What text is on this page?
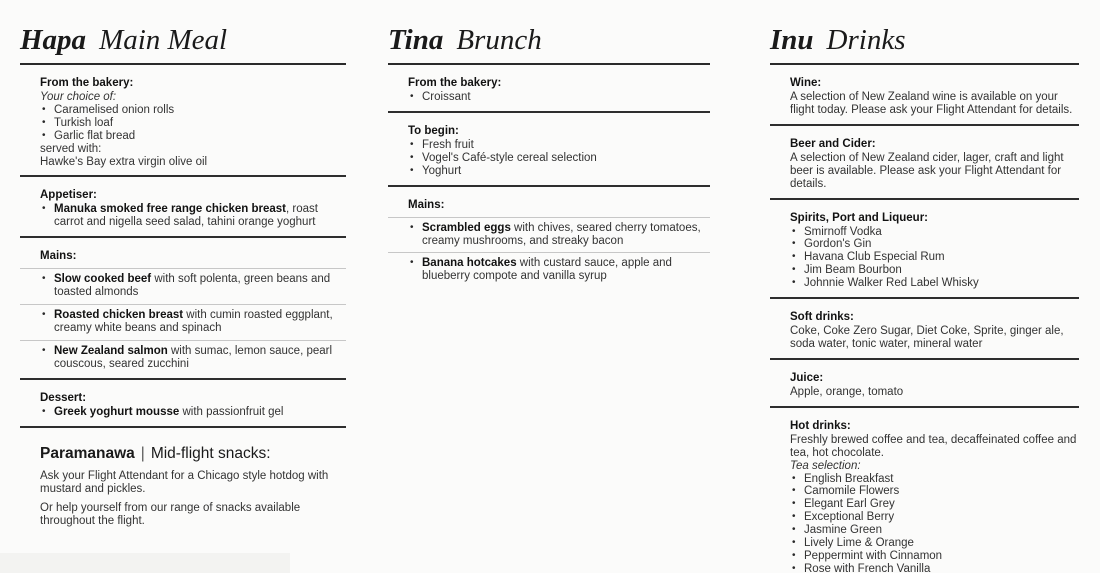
Hapa Main Meal
From the bakery:
Your choice of:
• Caramelised onion rolls
• Turkish loaf
• Garlic flat bread
served with:
Hawke's Bay extra virgin olive oil
Appetiser:
• Manuka smoked free range chicken breast, roast carrot and nigella seed salad, tahini orange yoghurt
Mains:
• Slow cooked beef with soft polenta, green beans and toasted almonds
• Roasted chicken breast with cumin roasted eggplant, creamy white beans and spinach
• New Zealand salmon with sumac, lemon sauce, pearl couscous, seared zucchini
Dessert:
• Greek yoghurt mousse with passionfruit gel
Paramanawa | Mid-flight snacks:
Ask your Flight Attendant for a Chicago style hotdog with mustard and pickles.
Or help yourself from our range of snacks available throughout the flight.
Tina Brunch
From the bakery:
• Croissant
To begin:
• Fresh fruit
• Vogel's Café-style cereal selection
• Yoghurt
Mains:
• Scrambled eggs with chives, seared cherry tomatoes, creamy mushrooms, and streaky bacon
• Banana hotcakes with custard sauce, apple and blueberry compote and vanilla syrup
Inu Drinks
Wine:
A selection of New Zealand wine is available on your flight today. Please ask your Flight Attendant for details.
Beer and Cider:
A selection of New Zealand cider, lager, craft and light beer is available. Please ask your Flight Attendant for details.
Spirits, Port and Liqueur:
• Smirnoff Vodka
• Gordon's Gin
• Havana Club Especial Rum
• Jim Beam Bourbon
• Johnnie Walker Red Label Whisky
Soft drinks:
Coke, Coke Zero Sugar, Diet Coke, Sprite, ginger ale, soda water, tonic water, mineral water
Juice:
Apple, orange, tomato
Hot drinks:
Freshly brewed coffee and tea, decaffeinated coffee and tea, hot chocolate.
Tea selection:
• English Breakfast
• Camomile Flowers
• Elegant Earl Grey
• Exceptional Berry
• Jasmine Green
• Lively Lime & Orange
• Peppermint with Cinnamon
• Rose with French Vanilla
